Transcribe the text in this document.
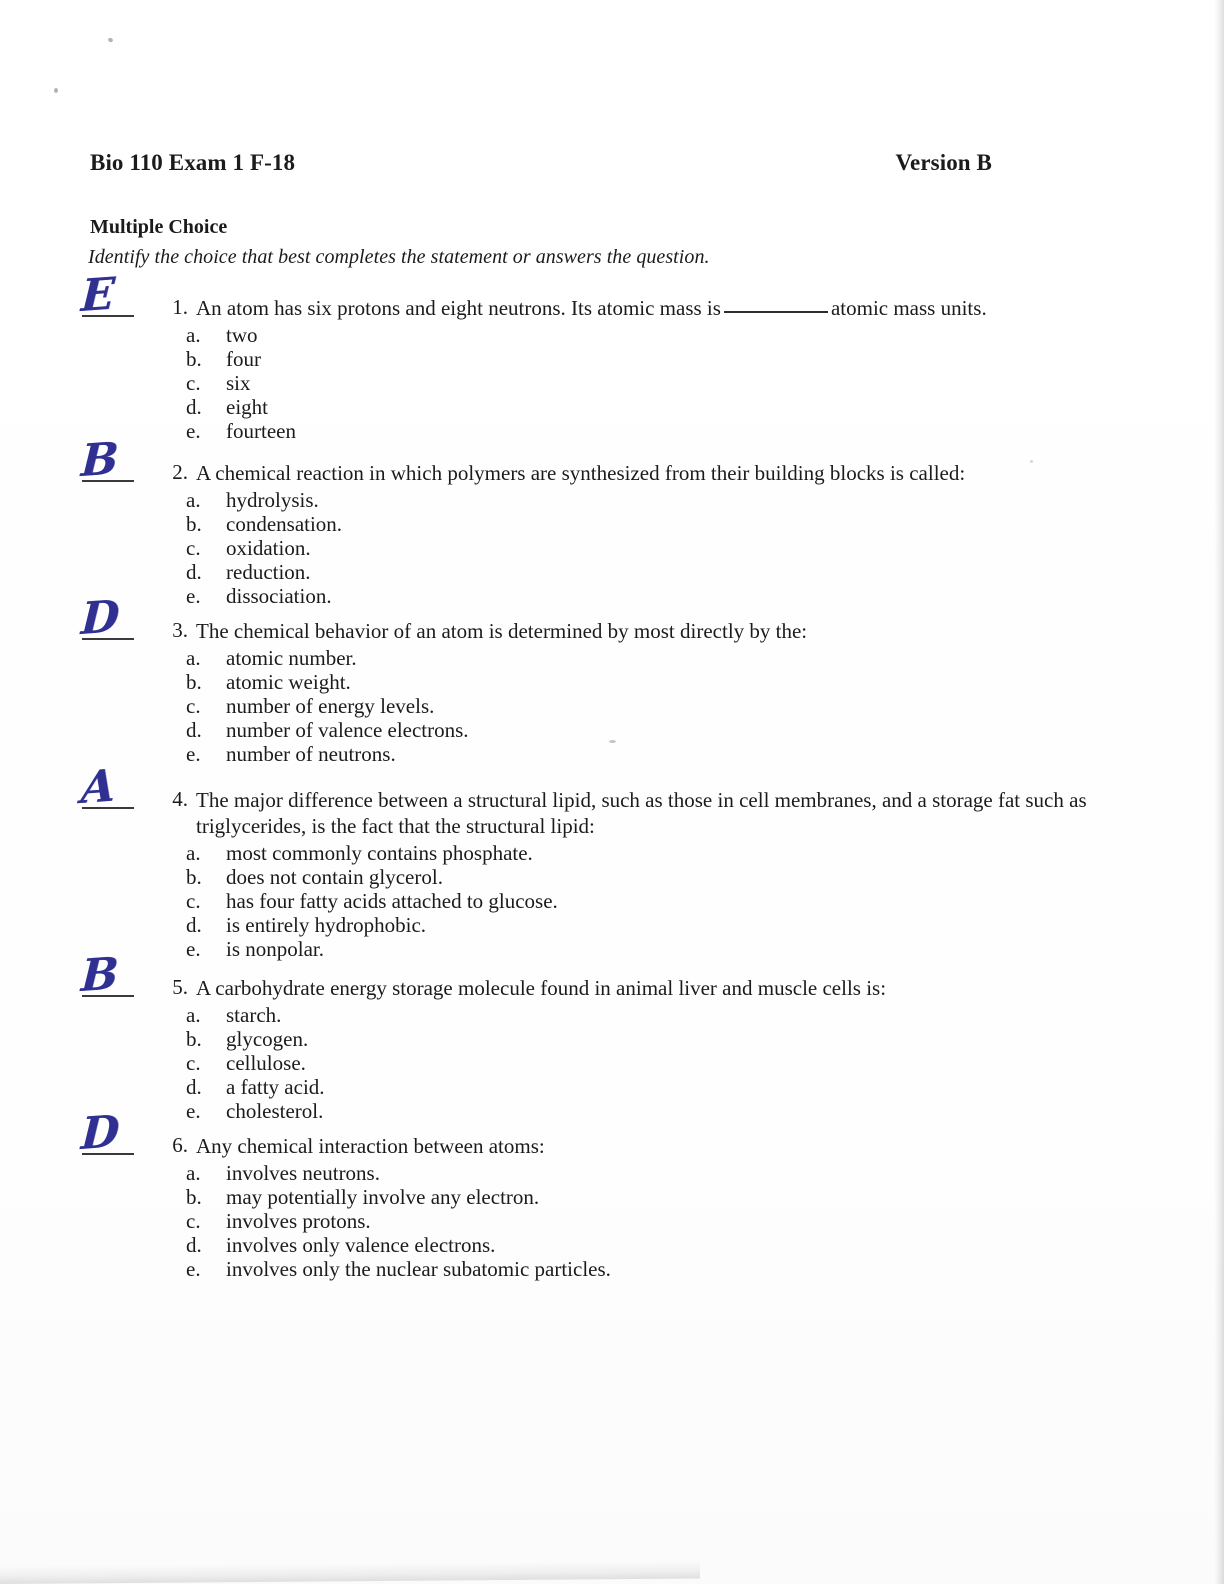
Bio 110 Exam 1 F-18	Version B
Multiple Choice
Identify the choice that best completes the statement or answers the question.
E	1. An atom has six protons and eight neutrons. Its atomic mass is	atomic mass units.
a. two
b. four
c. six
d. eight
e. fourteen
B	2. A chemical reaction in which polymers are synthesized from their building blocks is called:
a. hydrolysis.
b. condensation.
c. oxidation.
d. reduction.
e. dissociation.
D	3. The chemical behavior of an atom is determined by most directly by the:
a. atomic number.
b. atomic weight.
c. number of energy levels.
d. number of valence electrons.
e. number of neutrons.
A	4. The major difference between a structural lipid, such as those in cell membranes, and a storage fat such as triglycerides, is the fact that the structural lipid:
a. most commonly contains phosphate.
b. does not contain glycerol.
c. has four fatty acids attached to glucose.
d. is entirely hydrophobic.
e. is nonpolar.
B	5. A carbohydrate energy storage molecule found in animal liver and muscle cells is:
a. starch.
b. glycogen.
c. cellulose.
d. a fatty acid.
e. cholesterol.
D	6. Any chemical interaction between atoms:
a. involves neutrons.
b. may potentially involve any electron.
c. involves protons.
d. involves only valence electrons.
e. involves only the nuclear subatomic particles.
